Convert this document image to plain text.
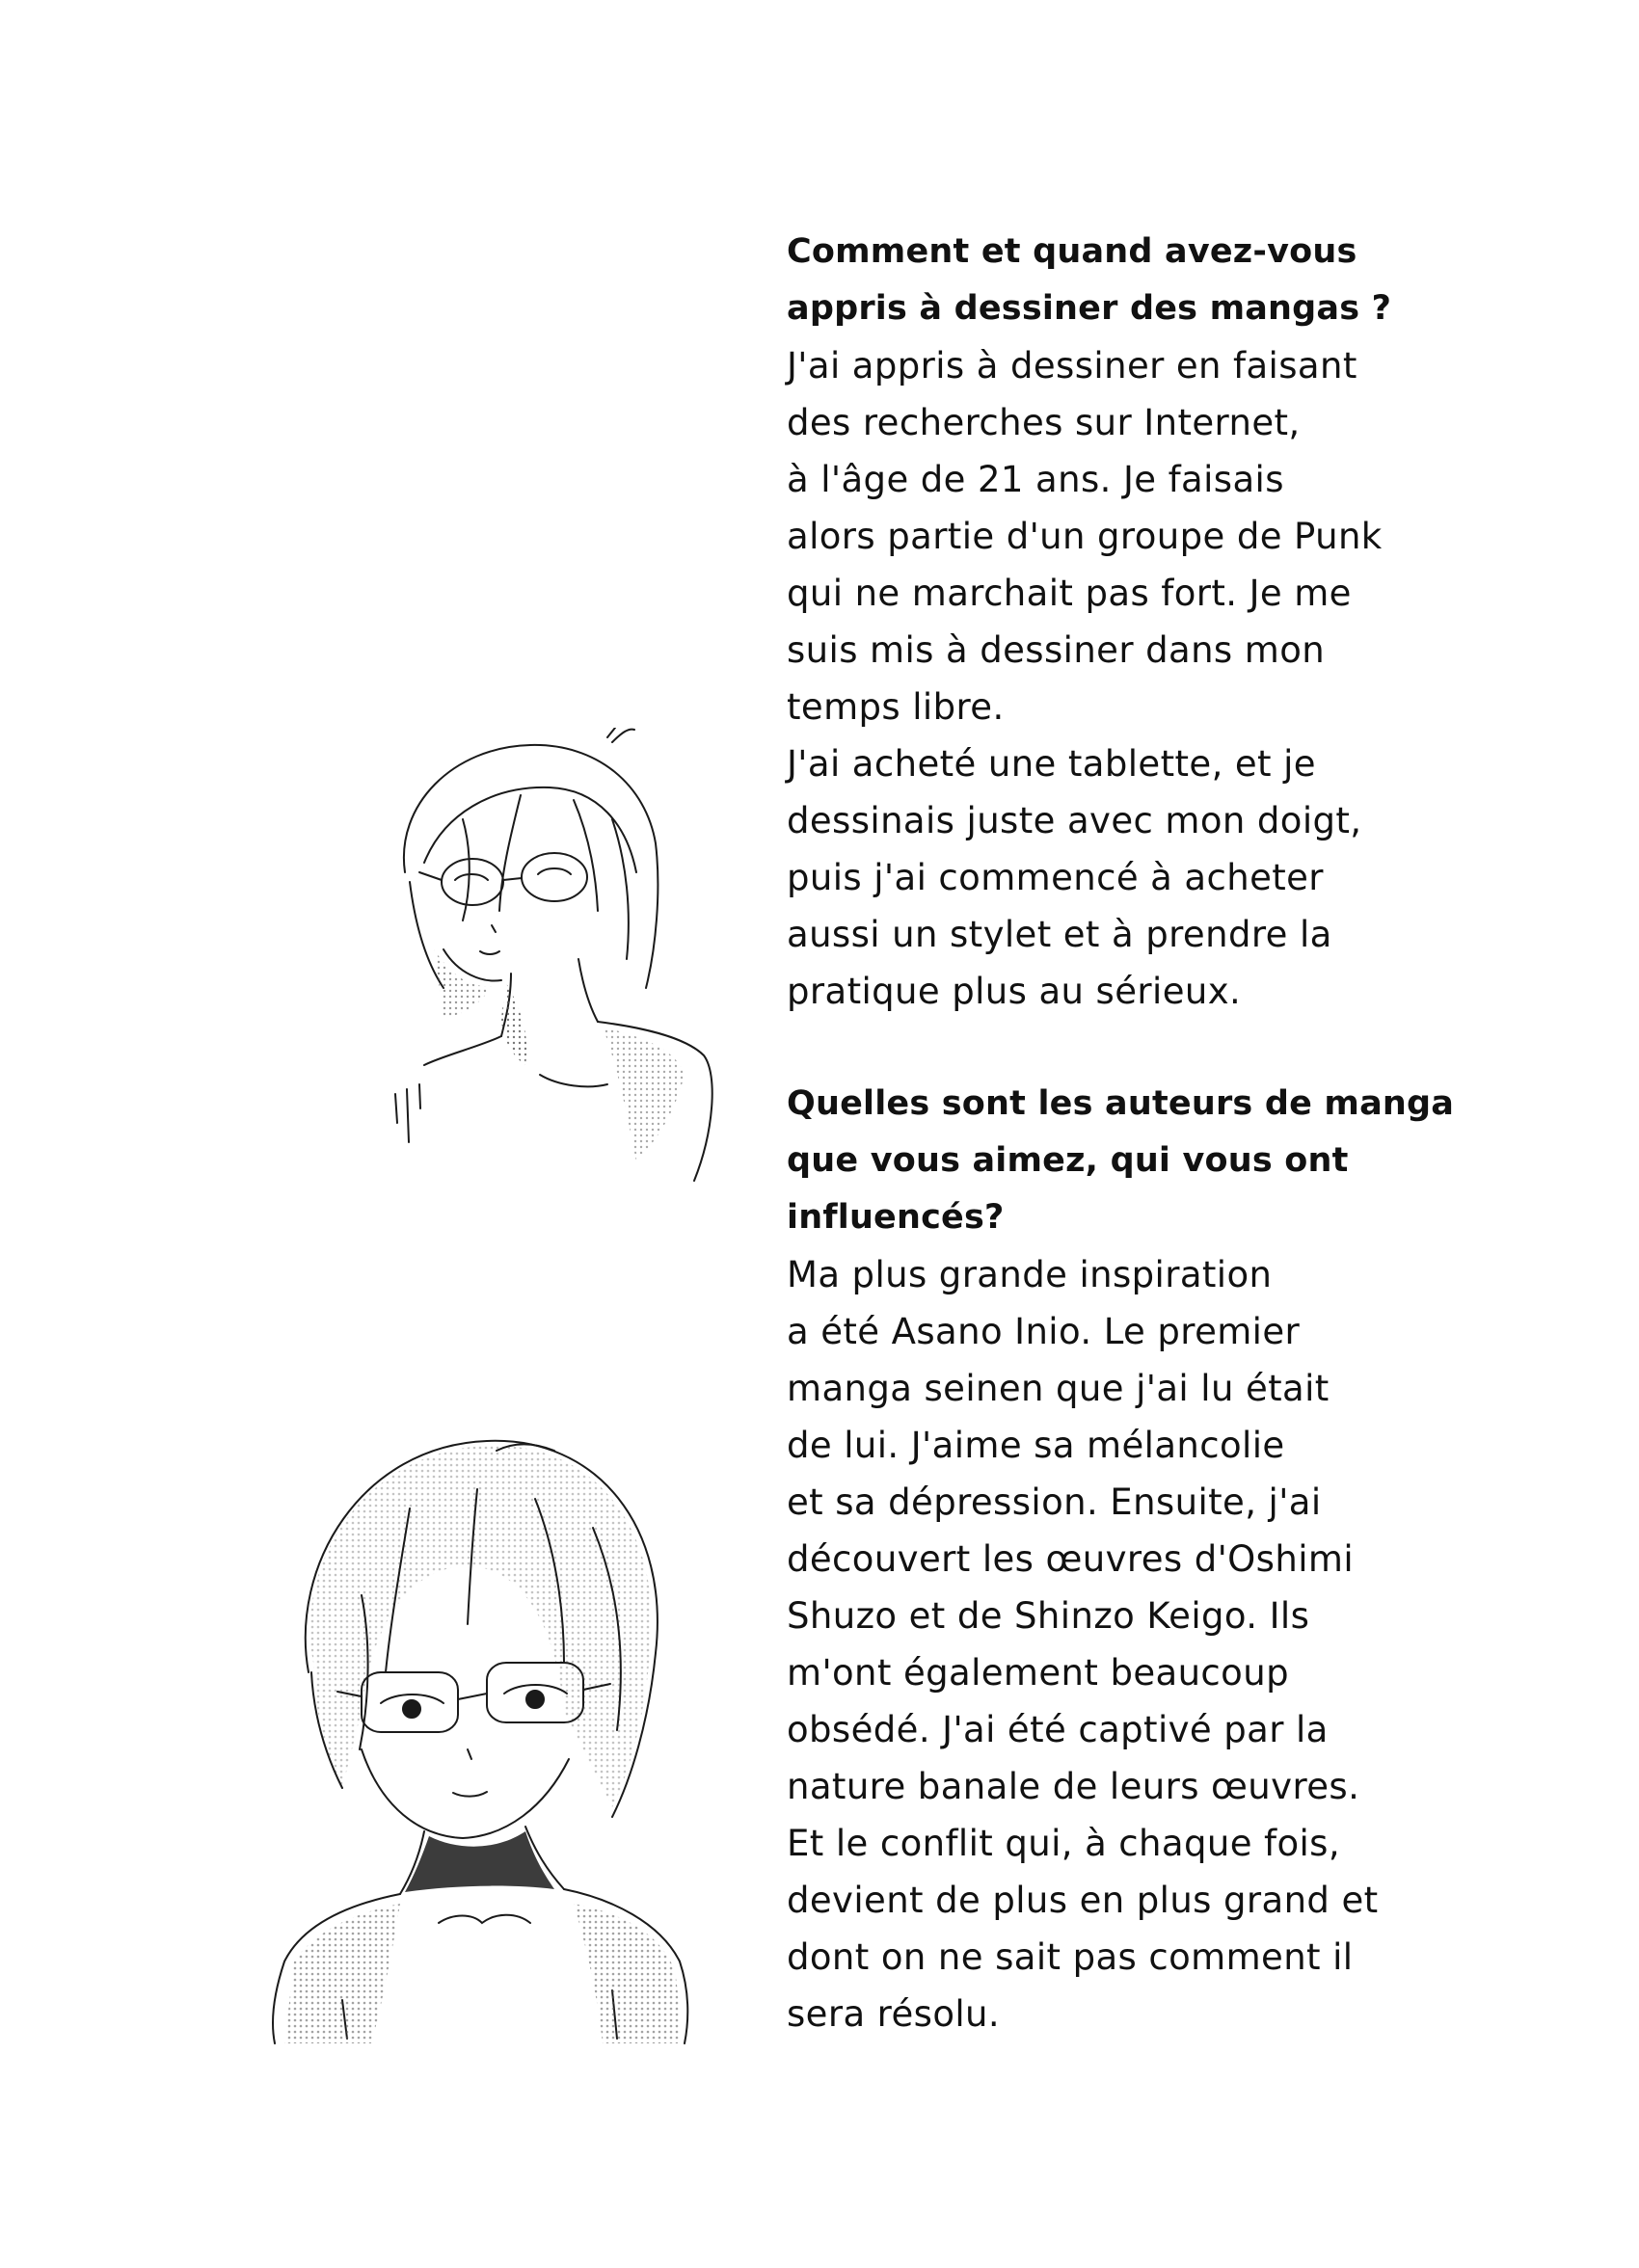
Comment et quand avez-vous
appris à dessiner des mangas ?

J'ai appris à dessiner en faisant
des recherches sur Internet,
à l'âge de 21 ans. Je faisais
alors partie d'un groupe de Punk
qui ne marchait pas fort. Je me
suis mis à dessiner dans mon
temps libre.
J'ai acheté une tablette, et je
dessinais juste avec mon doigt,
puis j'ai commencé à acheter
aussi un stylet et à prendre la
pratique plus au sérieux.

Quelles sont les auteurs de manga
que vous aimez, qui vous ont
influencés?

Ma plus grande inspiration
a été Asano Inio. Le premier
manga seinen que j'ai lu était
de lui. J'aime sa mélancolie
et sa dépression. Ensuite, j'ai
découvert les œuvres d'Oshimi
Shuzo et de Shinzo Keigo. Ils
m'ont également beaucoup
obsédé. J'ai été captivé par la
nature banale de leurs œuvres.
Et le conflit qui, à chaque fois,
devient de plus en plus grand et
dont on ne sait pas comment il
sera résolu.
